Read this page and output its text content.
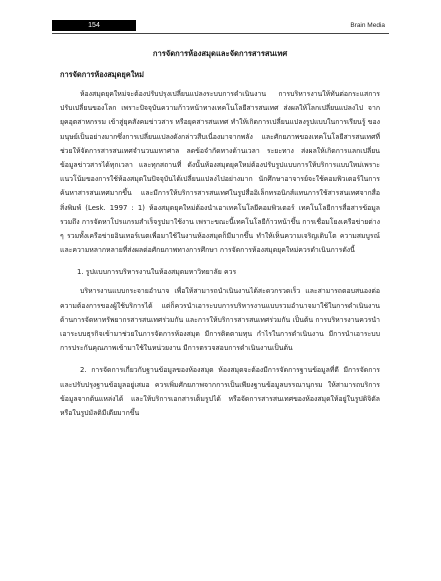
154	Brain Media
การจัดการห้องสมุดและจัดการสารสนเทศ
การจัดการห้องสมุดยุคใหม่

ห้องสมุดยุคใหม่จะต้องปรับปรุงเปลี่ยนแปลงระบบการดำเนินงาน การบริหารงานให้ทันต่อกระแสการปรับเปลี่ยนของโลก เพราะปัจจุบันความก้าวหน้าทางเทคโนโลยีสารสนเทศ ส่งผลให้โลกเปลี่ยนแปลงไป จากยุคอุตสาหกรรม เข้าสู่ยุคสังคมข่าวสาร หรือยุคสารสนเทศ ทำให้เกิดการเปลี่ยนแปลงรูปแบบในการเรียนรู้ ของมนุษย์เป็นอย่างมากซึ่งการเปลี่ยนแปลงดังกล่าวสืบเนื่องมาจากพลัง และศักยภาพของเทคโนโลยีสารสนเทศที่ช่วยให้จัดการสารสนเทศจำนวนมหาศาล ลดข้อจำกัดทางด้านเวลา ระยะทาง ส่งผลให้เกิดการแลกเปลี่ยนข้อมูลข่าวสารได้ทุกเวลา และทุกสถานที่ ดังนั้นห้องสมุดยุคใหม่ต้องปรับรูปแบบการให้บริการแบบใหม่เพราะแนวโน้มของการใช้ห้องสมุดในปัจจุบันได้เปลี่ยนแปลงไปอย่างมาก นักศึกษาอาจารย์จะใช้คอมพิวเตอร์ในการค้นหาสารสนเทศมากขึ้น และมีการให้บริการสารสนเทศในรูปสื่ออิเล็กทรอนิกส์แทนการใช้สารสนเทศจากสื่อสิ่งพิมพ์ (Lesk. 1997 : 1) ห้องสมุดยุคใหม่ต้องนำเอาเทคโนโลยีคอมพิวเตอร์ เทคโนโลยีการสื่อสารข้อมูล รวมถึง การจัดหาโปรแกรมสำเร็จรูปมาใช้งาน เพราะขณะนี้เทคโนโลยีก้าวหน้าขึ้น การเชื่อมโยงเครือข่ายต่าง ๆ รวมทั้งเครือข่ายอินเทอร์เนตเพื่อมาใช้ในงานห้องสมุดก็มีมากขึ้น ทำให้เห็นความเจริญเติบโต ความสมบูรณ์ และความหลากหลายที่ส่งผลต่อศักยภาพทางการศึกษา การจัดการห้องสมุดยุคใหม่ควรดำเนินการดังนี้

1. รูปแบบการบริหารงานในห้องสมุดมหาวิทยาลัย ควร

บริหารงานแบบกระจายอำนาจ เพื่อให้สามารถนำเนินงานได้สะดวกรวดเร็ว และสามารถตอบสนองต่อความต้องการของผู้ใช้บริการได้ แต่ก็ควรนำเอาระบบการบริหารงานแบบรวมอำนาจมาใช้ในการดำเนินงานด้านการจัดหาทรัพยากรสารสนเทศร่วมกัน และการให้บริการสารสนเทศร่วมกัน เป็นต้น การบริหารงานควรนำเอาระบบธุรกิจเข้ามาช่วยในการจัดการห้องสมุด มีการติดตามทุน กำไรในการดำเนินงาน มีการนำเอาระบบการประกันคุณภาพเข้ามาใช้ในหน่วยงาน มีการตรวจสอบการดำเนินงานเป็นต้น

2. การจัดการเกี่ยวกับฐานข้อมูลของห้องสมุด ห้องสมุดจะต้องมีการจัดการฐานข้อมูลที่ดี มีการจัดการ และปรับปรุงฐานข้อมูลอยู่เสมอ ควรเพิ่มศักยภาพจากการเป็นเพียงฐานข้อมูลบรรณานุกรม ให้สามารถบริการข้อมูลจากต้นแหล่งได้ และให้บริการเอกสารเต็มรูปได้ หรือจัดการสารสนเทศของห้องสมุดให้อยู่ในรูปดิจิตัล หรือในรูปมัลติมีเดียมากขึ้น
